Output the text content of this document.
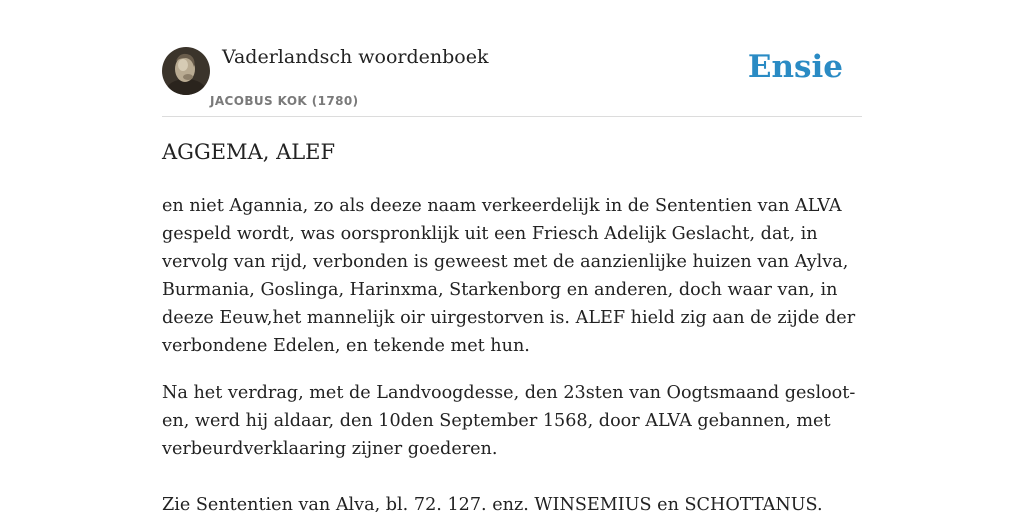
Vaderlandsch woordenboek
JACOBUS KOK (1780)
Ensie
AGGEMA, ALEF

en niet Agannia, zo als deeze naam verkeerdelijk in de Sententien van ALVA gespeld wordt, was oorspronklijk uit een Friesch Adelijk Geslacht, dat, in vervolg van rijd, verbonden is geweest met de aanzienlijke huizen van Aylva, Burmania, Goslinga, Harinxma, Starkenborg en anderen, doch waar van, in deeze Eeuw,het mannelijk oir uirgestorven is. ALEF hield zig aan de zijde der verbondene Edelen, en tekende met hun.

Na het verdrag, met de Landvoogdesse, den 23sten van Oogtsmaand geslooten, werd hij aldaar, den 10den September 1568, door ALVA gebannen, met verbeurdverklaaring zijner goederen.

Zie Sententien van Alva, bl. 72. 127. enz. WINSEMIUS en SCHOTTANUS.
